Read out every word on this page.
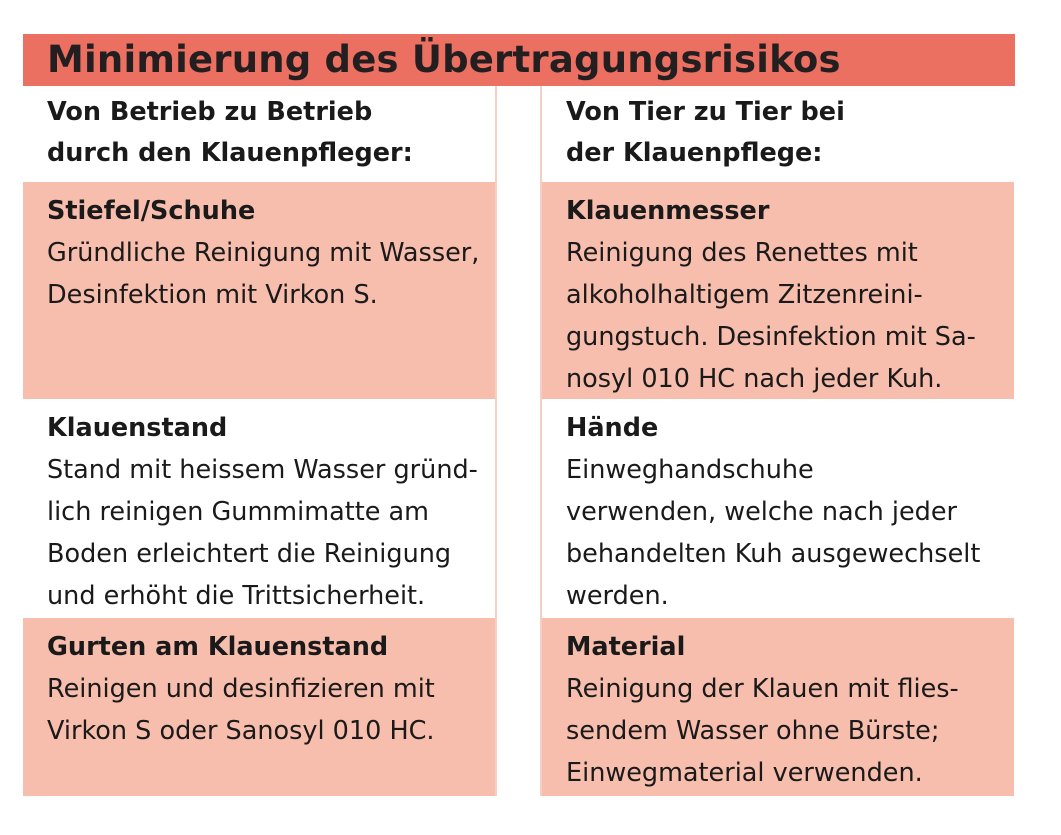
Minimierung des Übertragungsrisikos
Von Betrieb zu Betrieb
durch den Klauenpfleger:
Stiefel/Schuhe
Gründliche Reinigung mit Wasser,
Desinfektion mit Virkon S.
Klauenstand
Stand mit heissem Wasser gründ-
lich reinigen Gummimatte am
Boden erleichtert die Reinigung
und erhöht die Trittsicherheit.
Gurten am Klauenstand
Reinigen und desinfizieren mit
Virkon S oder Sanosyl 010 HC.
Von Tier zu Tier bei
der Klauenpflege:
Klauenmesser
Reinigung des Renettes mit
alkoholhaltigem Zitzenreini-
gungstuch. Desinfektion mit Sa-
nosyl 010 HC nach jeder Kuh.
Hände
Einweghandschuhe
verwenden, welche nach jeder
behandelten Kuh ausgewechselt
werden.
Material
Reinigung der Klauen mit flies-
sendem Wasser ohne Bürste;
Einwegmaterial verwenden.
